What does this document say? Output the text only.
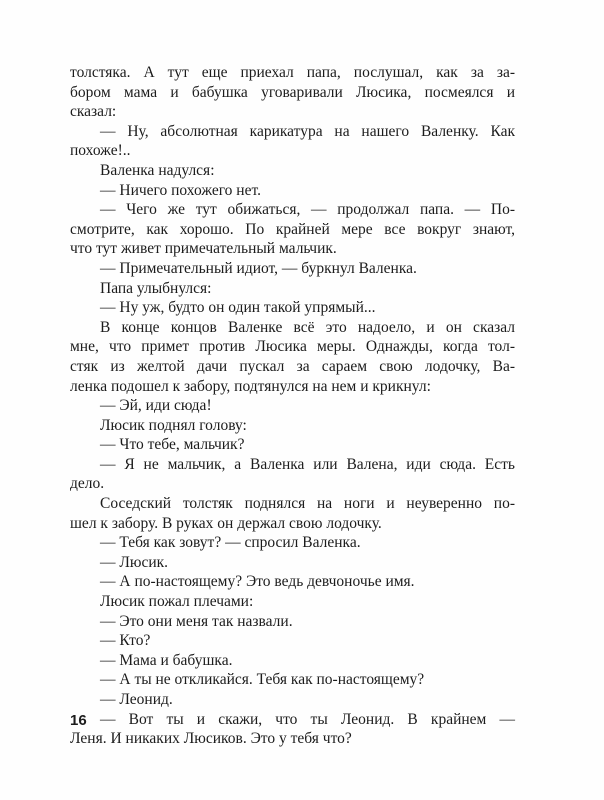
толстяка. А тут еще приехал папа, послушал, как за за-
бором мама и бабушка уговаривали Люсика, посмеялся и
сказал:
— Ну, абсолютная карикатура на нашего Валенку. Как
похоже!..
Валенка надулся:
— Ничего похожего нет.
— Чего же тут обижаться, — продолжал папа. — По-
смотрите, как хорошо. По крайней мере все вокруг знают,
что тут живет примечательный мальчик.
— Примечательный идиот, — буркнул Валенка.
Папа улыбнулся:
— Ну уж, будто он один такой упрямый...
В конце концов Валенке всё это надоело, и он сказал
мне, что примет против Люсика меры. Однажды, когда тол-
стяк из желтой дачи пускал за сараем свою лодочку, Ва-
ленка подошел к забору, подтянулся на нем и крикнул:
— Эй, иди сюда!
Люсик поднял голову:
— Что тебе, мальчик?
— Я не мальчик, а Валенка или Валена, иди сюда. Есть
дело.
Соседский толстяк поднялся на ноги и неуверенно по-
шел к забору. В руках он держал свою лодочку.
— Тебя как зовут? — спросил Валенка.
— Люсик.
— А по-настоящему? Это ведь девчоночье имя.
Люсик пожал плечами:
— Это они меня так назвали.
— Кто?
— Мама и бабушка.
— А ты не откликайся. Тебя как по-настоящему?
— Леонид.
— Вот ты и скажи, что ты Леонид. В крайнем —
Леня. И никаких Люсиков. Это у тебя что?
16
